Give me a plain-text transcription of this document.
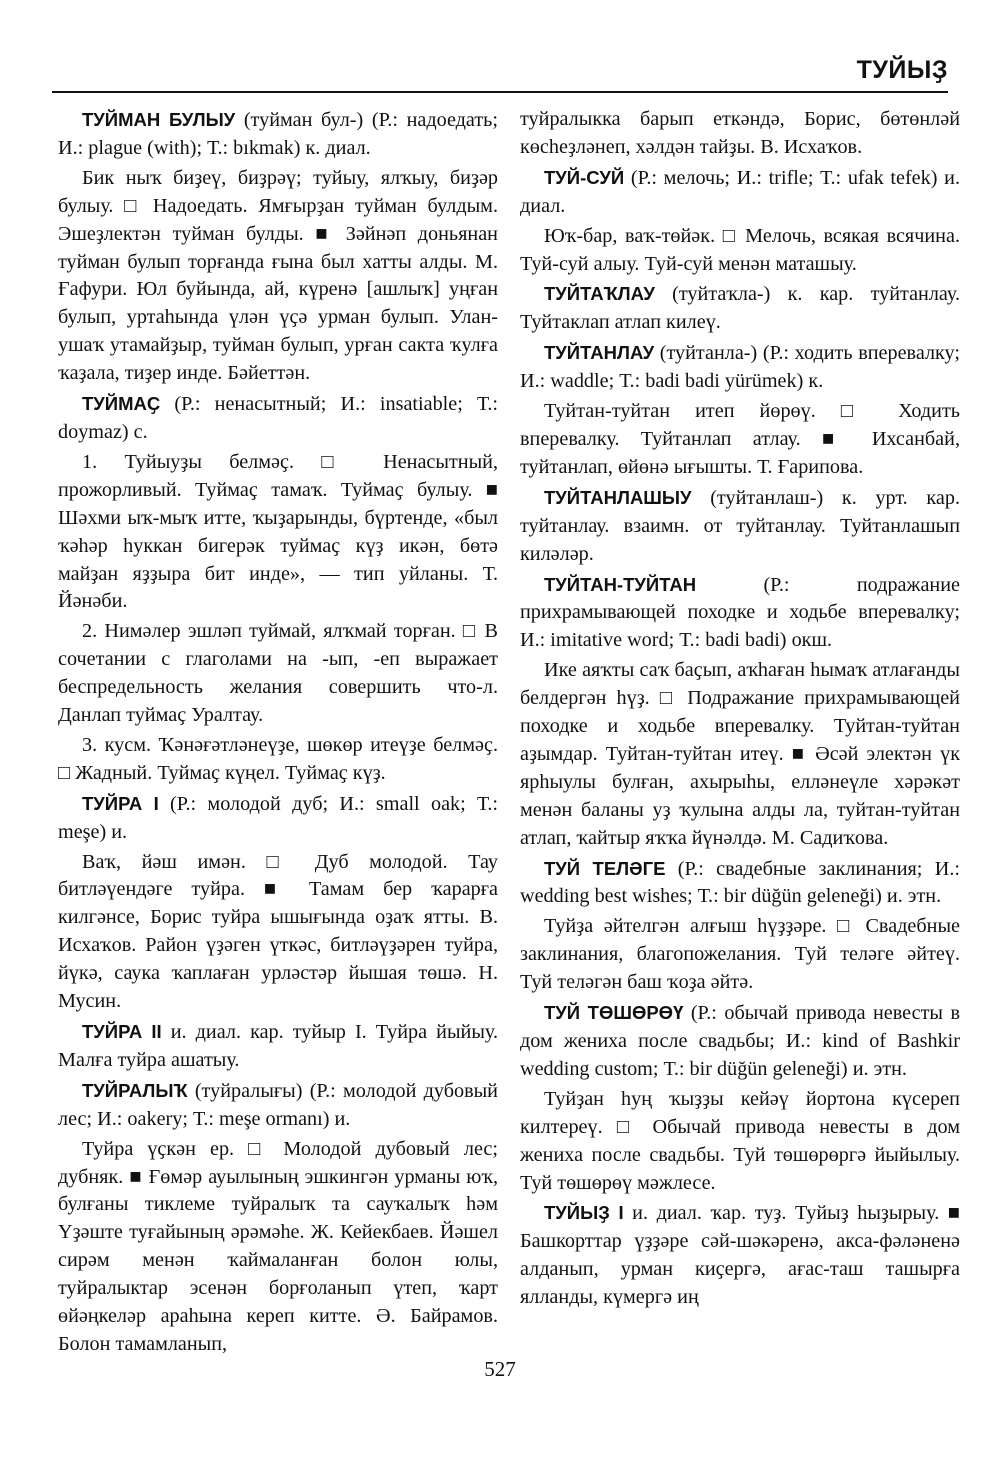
ТУЙЫҘ

ТУЙМАН БУЛЫУ (туйман бул-) (Р.: надоедать; И.: plague (with); Т.: bıkmak) к. диал.

Бик ныҡ биҙеү, биҙрәү; туйыу, ялҡыу, биҙәр булыу. □ Надоедать. Ямғырҙан туйман булдым. Эшеҙлектән туйман булды. ■ Зәйнәп доньянан туйман булып торғанда ғына был хатты алды. М. Ғафури. Юл буйында, ай, күренә [ашлыҡ] уңған булып, уртаһында үлән үҫә урман булып. Улан-ушаҡ утамайҙыр, туйман булып, урған сакта ҡулға ҡаҙала, тиҙер инде. Бәйеттән.

ТУЙМАҪ (Р.: ненасытный; И.: insatiable; Т.: doymaz) с.

1. Туйыуҙы белмәҫ. □ Ненасытный, прожорливый. Туймаҫ тамаҡ. Туймаҫ булыу. ■ Шәхми ыҡ-мыҡ итте, ҡыҙарынды, бүртенде, «был ҡәһәр һуккан бигерәк туймаҫ күҙ икән, бөтә майҙан яҙҙыра бит инде», — тип уйланы. Т. Йәнәби.

2. Нимәлер эшләп туймай, ялҡмай торған. □ В сочетании с глаголами на -ып, -еп выражает беспредельность желания совершить что-л. Данлап туймаҫ Уралтау.

3. кусм. Ҡәнәғәтләнеүҙе, шөкөр итеүҙе белмәҫ. □ Жадный. Туймаҫ күңел. Туймаҫ күҙ.

ТУЙРА I (Р.: молодой дуб; И.: small oak; Т.: meşe) и.

Ваҡ, йәш имән. □ Дуб молодой. Тау битләүендәге туйра. ■ Тамам бер ҡарарға килгәнсе, Борис туйра ышығында оҙаҡ ятты. В. Исхаҡов. Район үҙәген үткәс, битләүҙәрен туйра, йүкә, саука ҡаплаған урләстәр йышая төшә. Н. Мусин.

ТУЙРА II и. диал. кар. туйыр I. Туйра йыйыу. Малға туйра ашатыу.

ТУЙРАЛЫҠ (туйралығы) (Р.: молодой дубовый лес; И.: oakery; Т.: meşe ormanı) и.

Туйра үҫкән ер. □ Молодой дубовый лес; дубняк. ■ Ғөмәр ауылының эшкингән урманы юҡ, булғаны тиклеме туйралыҡ та сауҡалыҡ һәм Үҙәште туғайының әрәмәһе. Ж. Кейекбаев. Йәшел сирәм менән ҡаймаланған болон юлы, туйралыктар эсенән борғоланып үтеп, ҡарт өйәңкеләр араһына кереп китте. Ә. Байрамов. Болон тамамланып,

туйралыкка барып еткәндә, Борис, бөтөнләй көсһеҙләнеп, хәлдән тайҙы. В. Исхаҡов.

ТУЙ-СУЙ (Р.: мелочь; И.: trifle; Т.: ufak tefek) и. диал.

Юҡ-бар, ваҡ-төйәк. □ Мелочь, всякая всячина. Туй-суй алыу. Туй-суй менән маташыу.

ТУЙТАҠЛАУ (туйтаҡла-) к. кар. туйтанлау. Туйтаклап атлап килеү.

ТУЙТАНЛАУ (туйтанла-) (Р.: ходить вперевалку; И.: waddle; Т.: badi badi yürümek) к.

Туйтан-туйтан итеп йөрөү. □ Ходить вперевалку. Туйтанлап атлау. ■ Ихсанбай, туйтанлап, өйөнә ығышты. Т. Ғарипова.

ТУЙТАНЛАШЫУ (туйтанлаш-) к. урт. кар. туйтанлау. взаимн. от туйтанлау. Туйтанлашып киләләр.

ТУЙТАН-ТУЙТАН (Р.: подражание прихрамывающей походке и ходьбе вперевалку; И.: imitative word; Т.: badi badi) окш.

Ике аяҡты саҡ баҫып, аҡһаған һымаҡ атлағанды белдергән һүҙ. □ Подражание прихрамывающей походке и ходьбе вперевалку. Туйтан-туйтан аҙымдар. Туйтан-туйтан итеү. ■ Әсәй электән үк ярһыулы булған, ахырыһы, елләнеүле хәрәкәт менән баланы уҙ ҡулына алды ла, туйтан-туйтан атлап, ҡайтыр яҡҡа йүнәлдә. М. Садиҡова.

ТУЙ ТЕЛӘГЕ (Р.: свадебные заклинания; И.: wedding best wishes; Т.: bir düğün geleneği) и. этн.

Туйҙа әйтелгән алғыш һүҙҙәре. □ Свадебные заклинания, благопожелания. Туй теләге әйтеү. Туй теләгән баш ҡоҙа әйтә.

ТУЙ ТӨШӨРӨҮ (Р.: обычай привода невесты в дом жениха после свадьбы; И.: kind of Bashkir wedding custom; Т.: bir düğün geleneği) и. этн.

Туйҙан һуң ҡыҙҙы кейәү йортона күсереп килтереү. □ Обычай привода невесты в дом жениха после свадьбы. Туй төшөрөргә йыйылыу. Туй төшөрөү мәжлесе.

ТУЙЫҘ I и. диал. ҡар. туҙ. Туйыҙ һыҙырыу. ■ Башкорттар үҙҙәре сәй-шәкәренә, акса-фәләненә алданып, урман киҫергә, ағас-таш ташырға ялланды, күмергә иң

527
